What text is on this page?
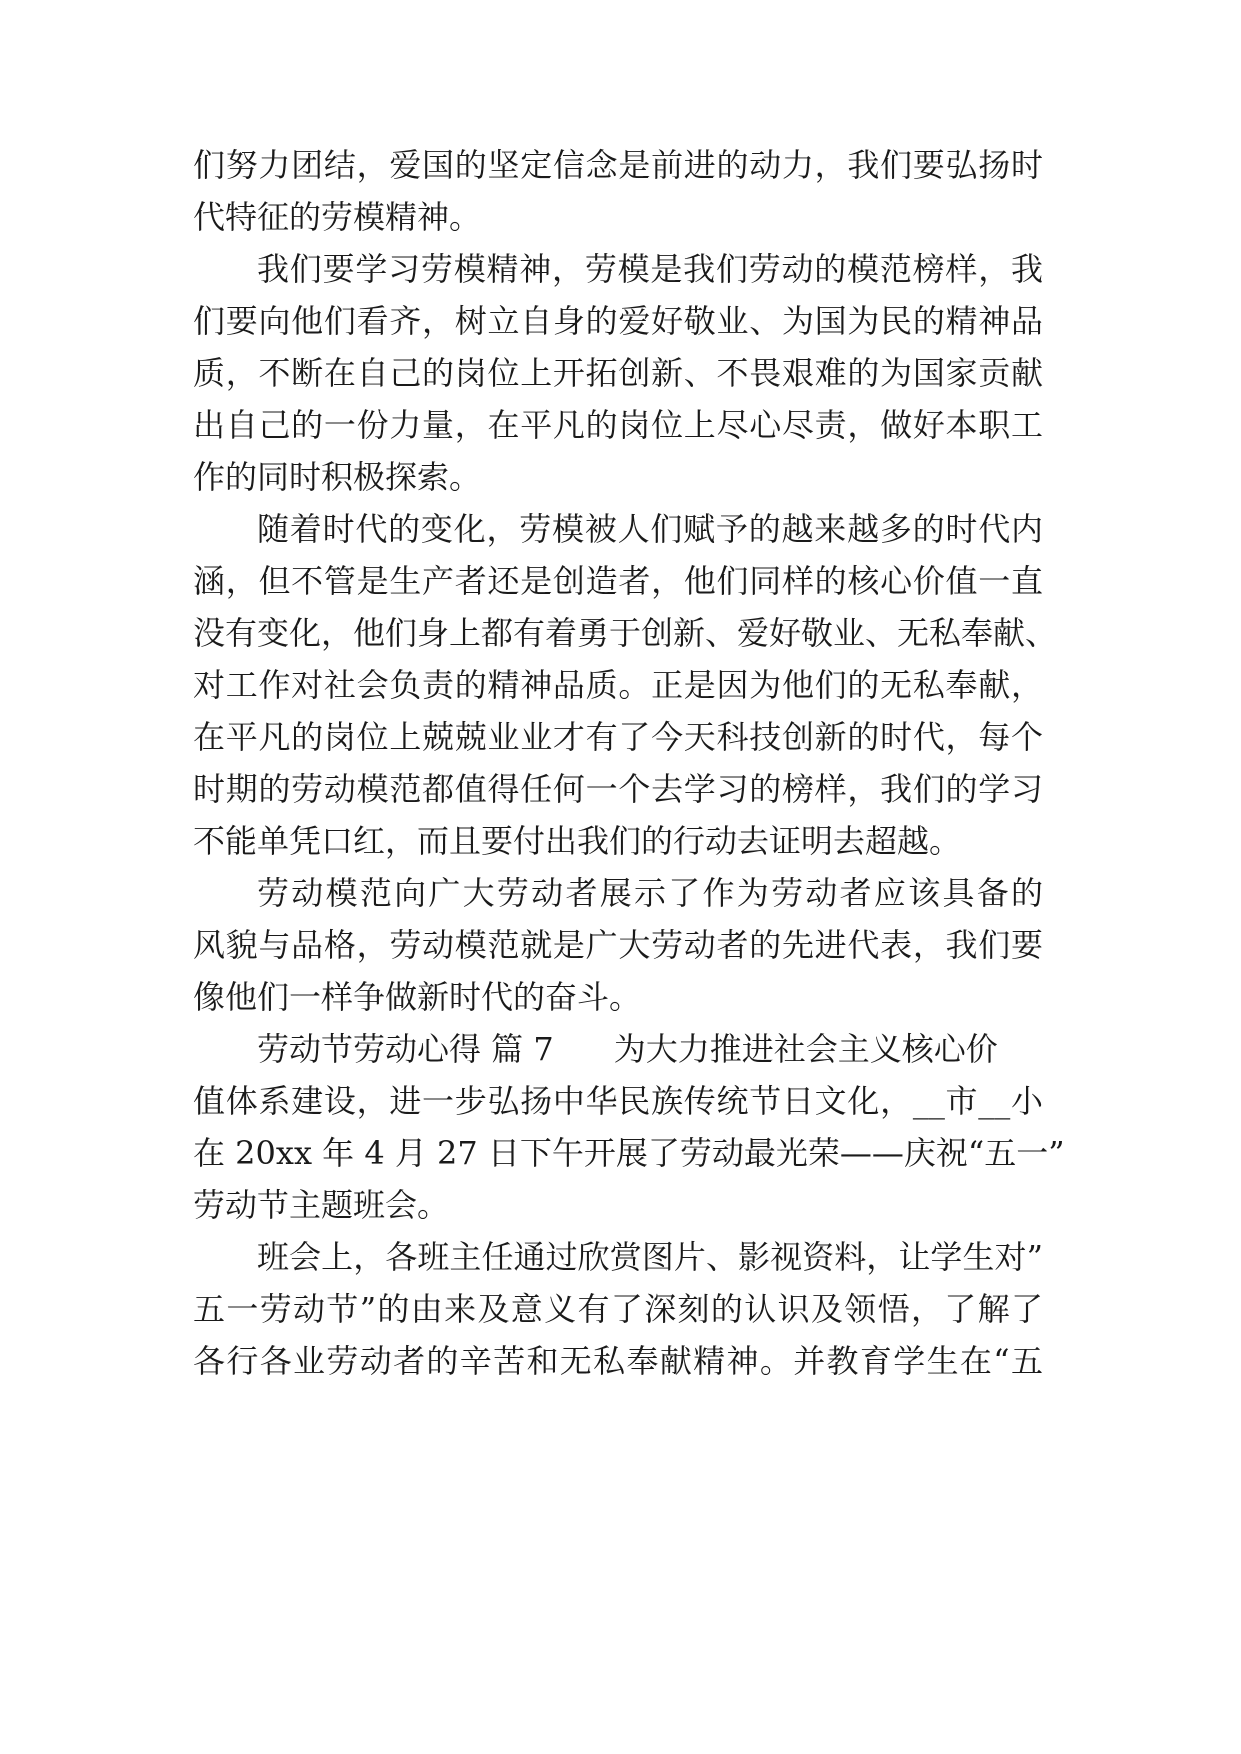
们努力团结，爱国的坚定信念是前进的动力，我们要弘扬时
代特征的劳模精神。
我们要学习劳模精神，劳模是我们劳动的模范榜样，我
们要向他们看齐，树立自身的爱好敬业、为国为民的精神品
质，不断在自己的岗位上开拓创新、不畏艰难的为国家贡献
出自己的一份力量，在平凡的岗位上尽心尽责，做好本职工
作的同时积极探索。
随着时代的变化，劳模被人们赋予的越来越多的时代内
涵，但不管是生产者还是创造者，他们同样的核心价值一直
没有变化，他们身上都有着勇于创新、爱好敬业、无私奉献、
对工作对社会负责的精神品质。正是因为他们的无私奉献，
在平凡的岗位上兢兢业业才有了今天科技创新的时代，每个
时期的劳动模范都值得任何一个去学习的榜样，我们的学习
不能单凭口红，而且要付出我们的行动去证明去超越。
劳动模范向广大劳动者展示了作为劳动者应该具备的
风貌与品格，劳动模范就是广大劳动者的先进代表，我们要
像他们一样争做新时代的奋斗。
劳动节劳动心得 篇 7 为大力推进社会主义核心价
值体系建设，进一步弘扬中华民族传统节日文化，__市__小
在 20xx 年 4 月 27 日下午开展了劳动最光荣——庆祝“五一”
劳动节主题班会。
班会上，各班主任通过欣赏图片、影视资料，让学生对”
五一劳动节”的由来及意义有了深刻的认识及领悟，了解了
各行各业劳动者的辛苦和无私奉献精神。并教育学生在“五
